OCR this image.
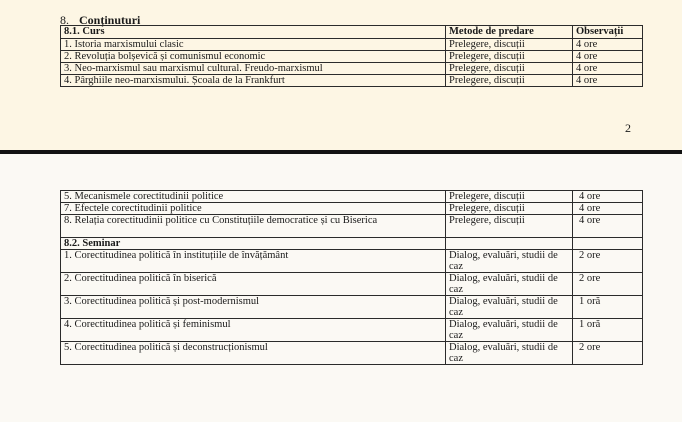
8. Conținuturi
8.1. Curs	Metode de predare	Observații
1. Istoria marxismului clasic	Prelegere, discuții	4 ore
2. Revoluția bolșevică și comunismul economic	Prelegere, discuții	4 ore
3. Neo-marxismul sau marxismul cultural. Freudo-marxismul	Prelegere, discuții	4 ore
4. Pârghiile neo-marxismului. Școala de la Frankfurt	Prelegere, discuții	4 ore
2
5. Mecanismele corectitudinii politice	Prelegere, discuții	4 ore
7. Efectele corectitudinii politice	Prelegere, discuții	4 ore
8. Relația corectitudinii politice cu Constituțiile democratice și cu Biserica	Prelegere, discuții	4 ore
8.2. Seminar		
1. Corectitudinea politică în instituțiile de învățământ	Dialog, evaluări, studii de caz	2 ore
2. Corectitudinea politică în biserică	Dialog, evaluări, studii de caz	2 ore
3. Corectitudinea politică și post-modernismul	Dialog, evaluări, studii de caz	1 oră
4. Corectitudinea politică și feminismul	Dialog, evaluări, studii de caz	1 oră
5. Corectitudinea politică și deconstrucționismul	Dialog, evaluări, studii de caz	2 ore
